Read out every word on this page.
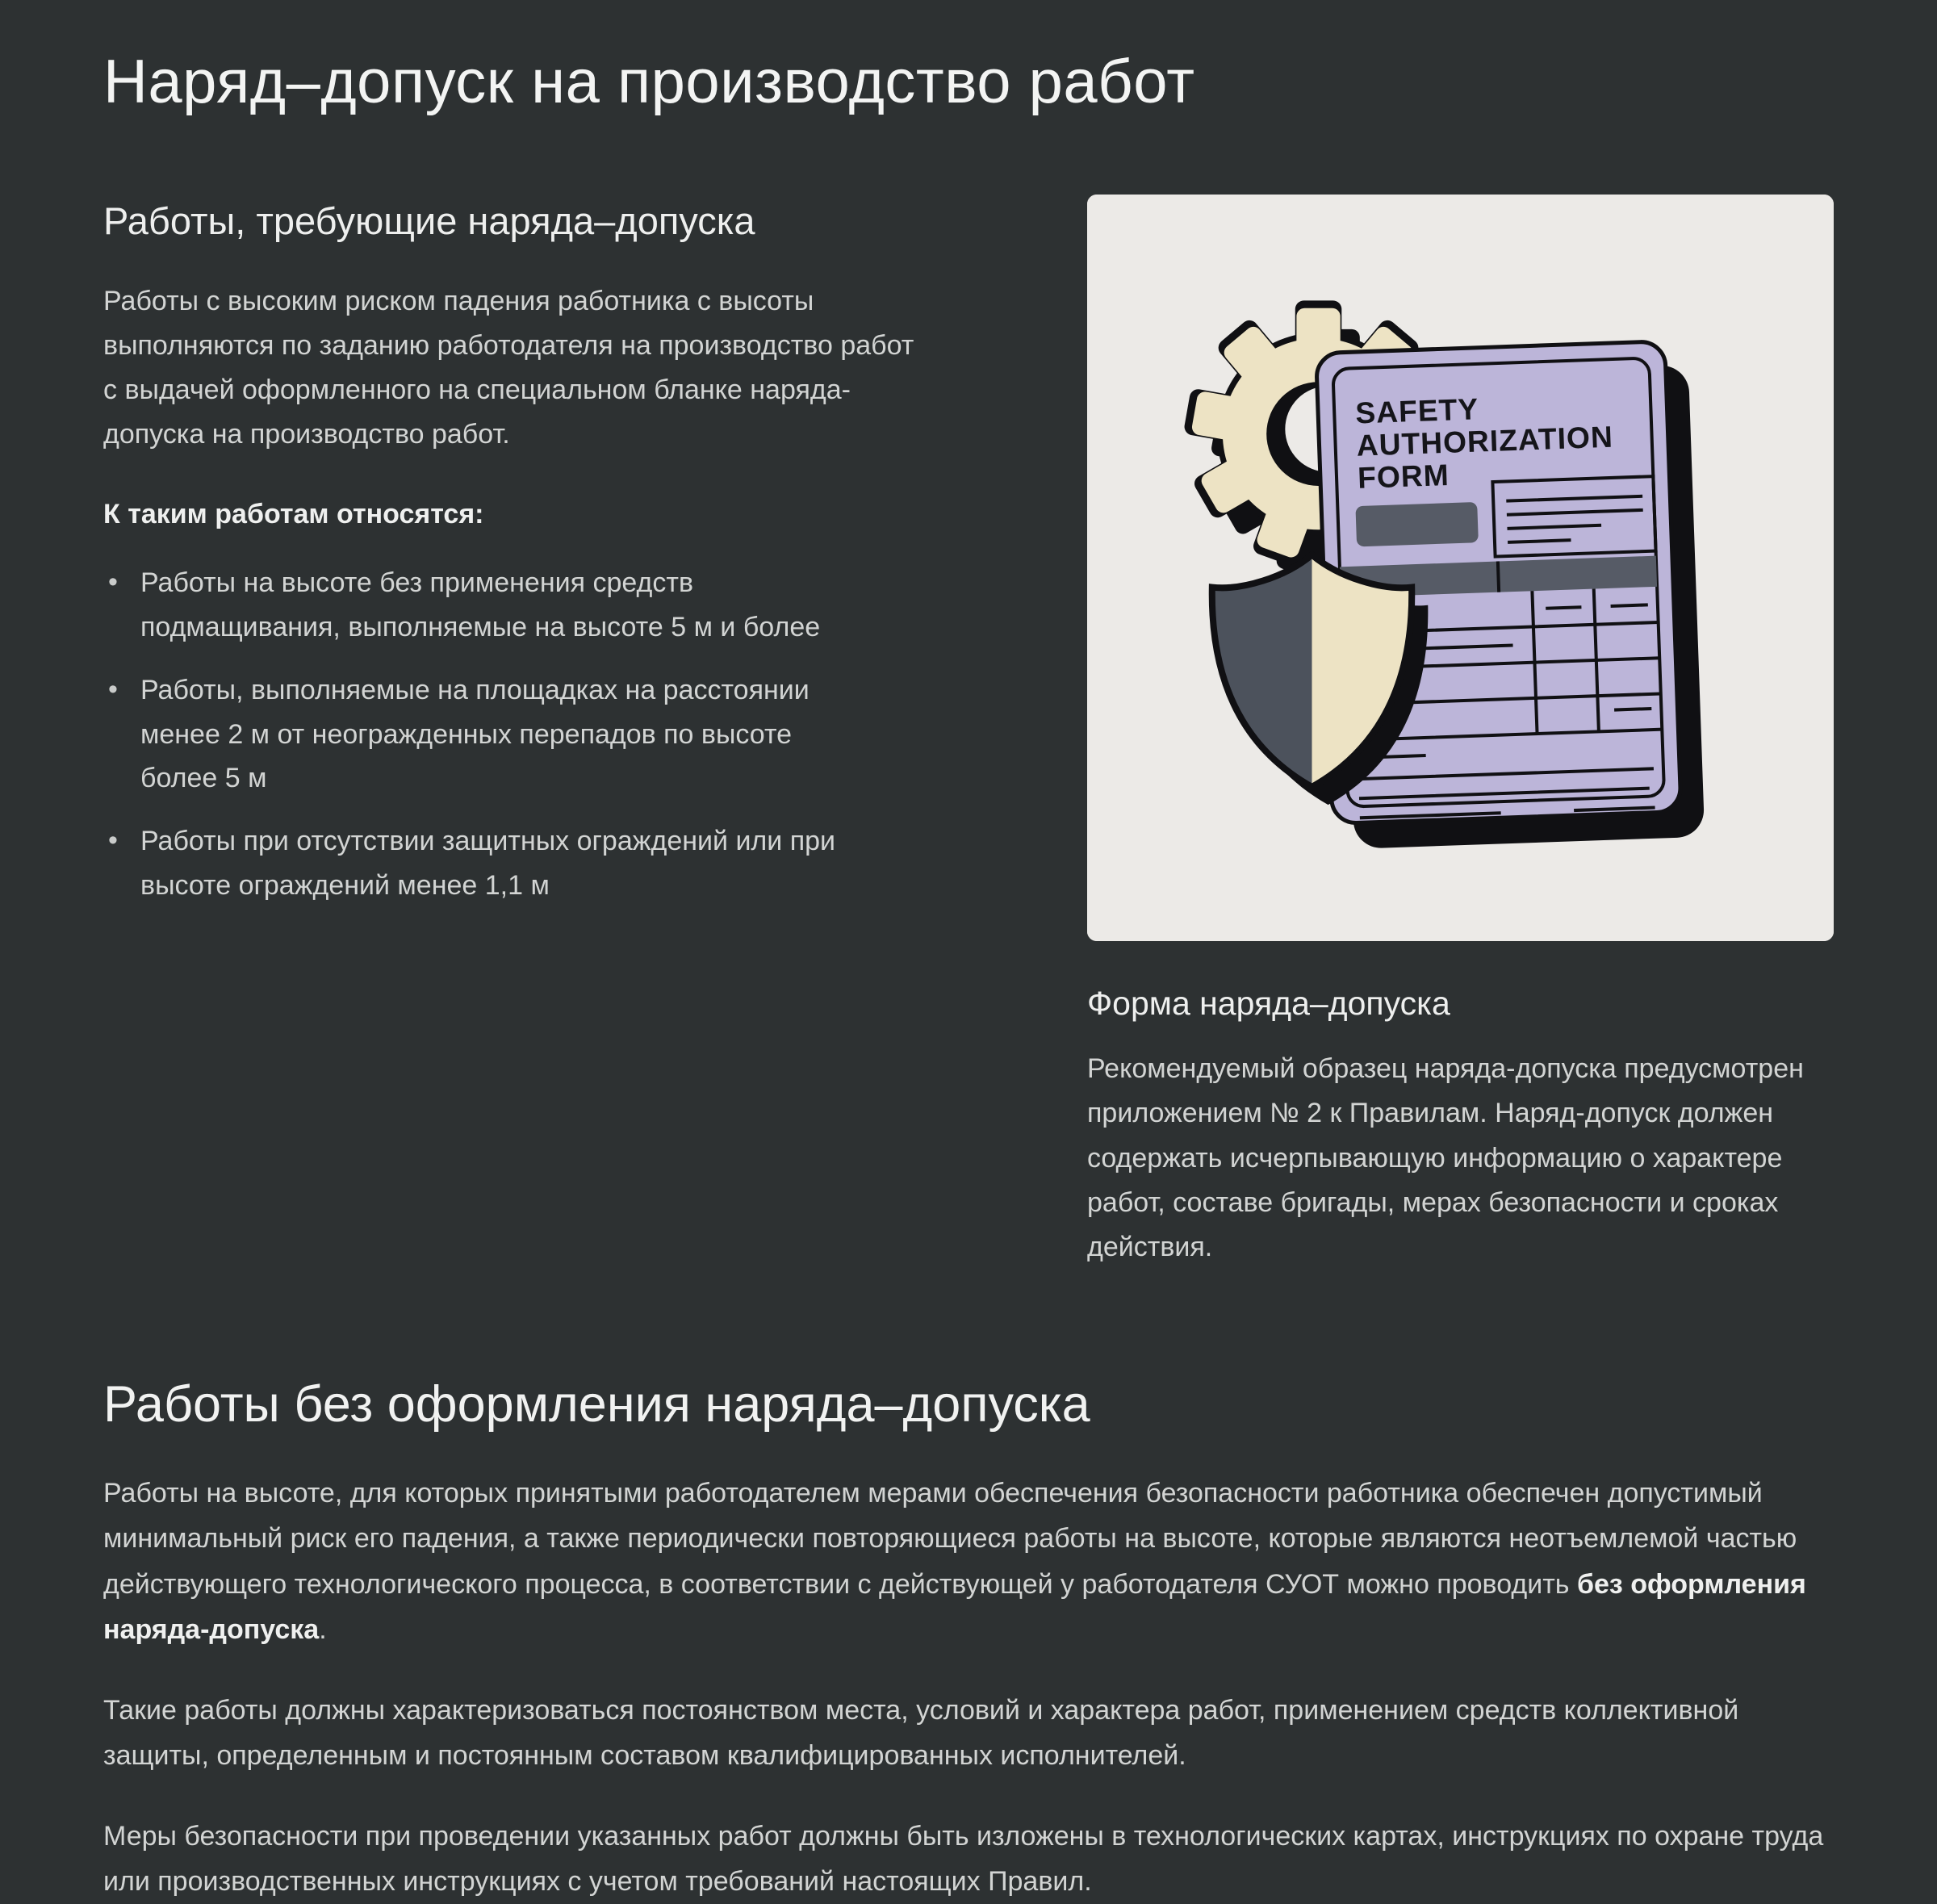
Наряд–допуск на производство работ
Работы, требующие наряда–допуска

Работы с высоким риском падения работника с высоты выполняются по заданию работодателя на производство работ с выдачей оформленного на специальном бланке наряда-допуска на производство работ.

К таким работам относятся:
• Работы на высоте без применения средств подмащивания, выполняемые на высоте 5 м и более
• Работы, выполняемые на площадках на расстоянии менее 2 м от неогражденных перепадов по высоте более 5 м
• Работы при отсутствии защитных ограждений или при высоте ограждений менее 1,1 м
SAFETY
AUTHORIZATION
FORM
Форма наряда–допуска

Рекомендуемый образец наряда-допуска предусмотрен приложением № 2 к Правилам. Наряд-допуск должен содержать исчерпывающую информацию о характере работ, составе бригады, мерах безопасности и сроках действия.

Работы без оформления наряда–допуска

Работы на высоте, для которых принятыми работодателем мерами обеспечения безопасности работника обеспечен допустимый минимальный риск его падения, а также периодически повторяющиеся работы на высоте, которые являются неотъемлемой частью действующего технологического процесса, в соответствии с действующей у работодателя СУОТ можно проводить без оформления наряда-допуска.

Такие работы должны характеризоваться постоянством места, условий и характера работ, применением средств коллективной защиты, определенным и постоянным составом квалифицированных исполнителей.

Меры безопасности при проведении указанных работ должны быть изложены в технологических картах, инструкциях по охране труда или производственных инструкциях с учетом требований настоящих Правил.
